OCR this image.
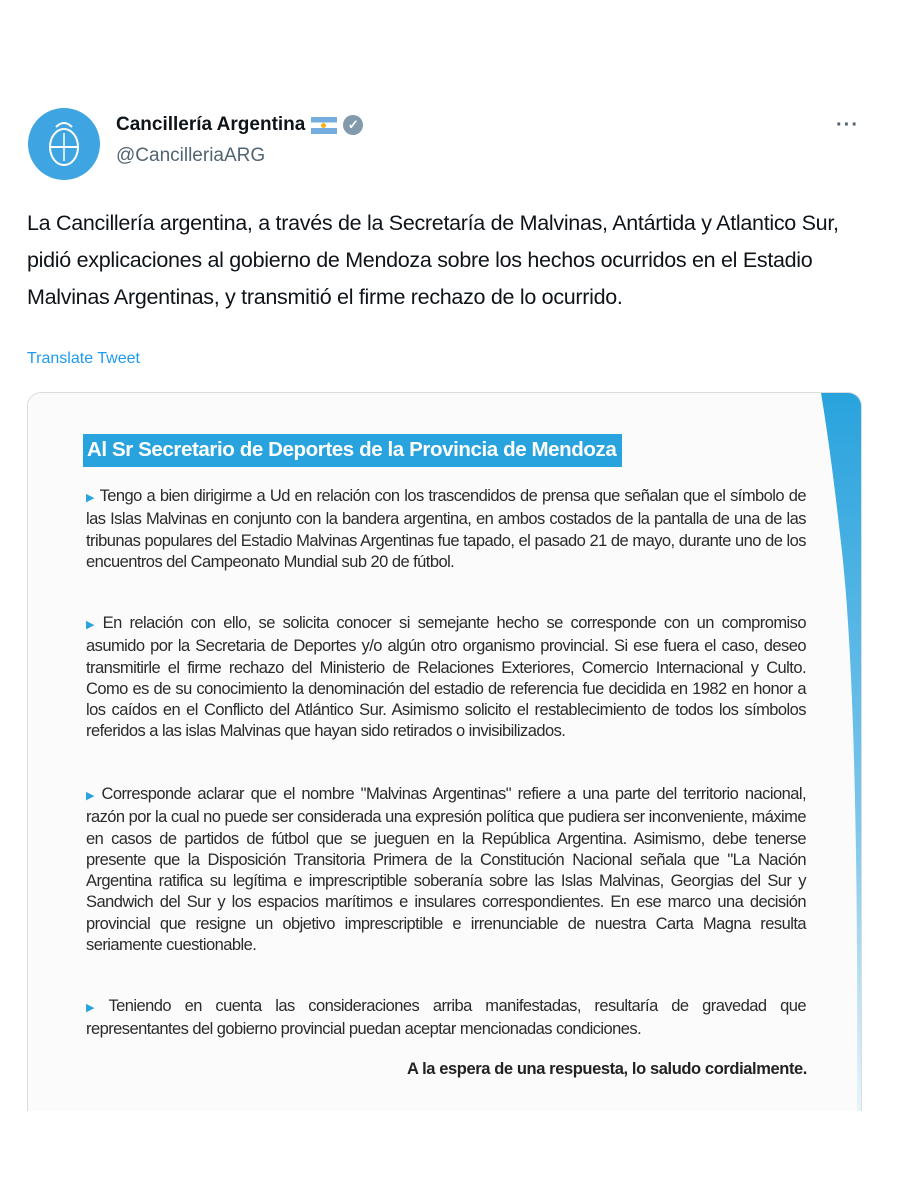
Cancillería Argentina	✓
@CancilleriaARG
···
La Cancillería argentina, a través de la Secretaría de Malvinas, Antártida y Atlantico Sur, pidió explicaciones al gobierno de Mendoza sobre los hechos ocurridos en el Estadio Malvinas Argentinas, y transmitió el firme rechazo de lo ocurrido.
Translate Tweet
Al Sr Secretario de Deportes de la Provincia de Mendoza
▶ Tengo a bien dirigirme a Ud en relación con los trascendidos de prensa que señalan que el símbolo de las Islas Malvinas en conjunto con la bandera argentina, en ambos costados de la pantalla de una de las tribunas populares del Estadio Malvinas Argentinas fue tapado, el pasado 21 de mayo, durante uno de los encuentros del Campeonato Mundial sub 20 de fútbol.
▶ En relación con ello, se solicita conocer si semejante hecho se corresponde con un compromiso asumido por la Secretaria de Deportes y/o algún otro organismo provincial. Si ese fuera el caso, deseo transmitirle el firme rechazo del Ministerio de Relaciones Exteriores, Comercio Internacional y Culto. Como es de su conocimiento la denominación del estadio de referencia fue decidida en 1982 en honor a los caídos en el Conflicto del Atlántico Sur. Asimismo solicito el restablecimiento de todos los símbolos referidos a las islas Malvinas que hayan sido retirados o invisibilizados.
▶ Corresponde aclarar que el nombre "Malvinas Argentinas" refiere a una parte del territorio nacional, razón por la cual no puede ser considerada una expresión política que pudiera ser inconveniente, máxime en casos de partidos de fútbol que se jueguen en la República Argentina. Asimismo, debe tenerse presente que la Disposición Transitoria Primera de la Constitución Nacional señala que "La Nación Argentina ratifica su legítima e imprescriptible soberanía sobre las Islas Malvinas, Georgias del Sur y Sandwich del Sur y los espacios marítimos e insulares correspondientes. En ese marco una decisión provincial que resigne un objetivo imprescriptible e irrenunciable de nuestra Carta Magna resulta seriamente cuestionable.
▶ Teniendo en cuenta las consideraciones arriba manifestadas, resultaría de gravedad que representantes del gobierno provincial puedan aceptar mencionadas condiciones.
A la espera de una respuesta, lo saludo cordialmente.
